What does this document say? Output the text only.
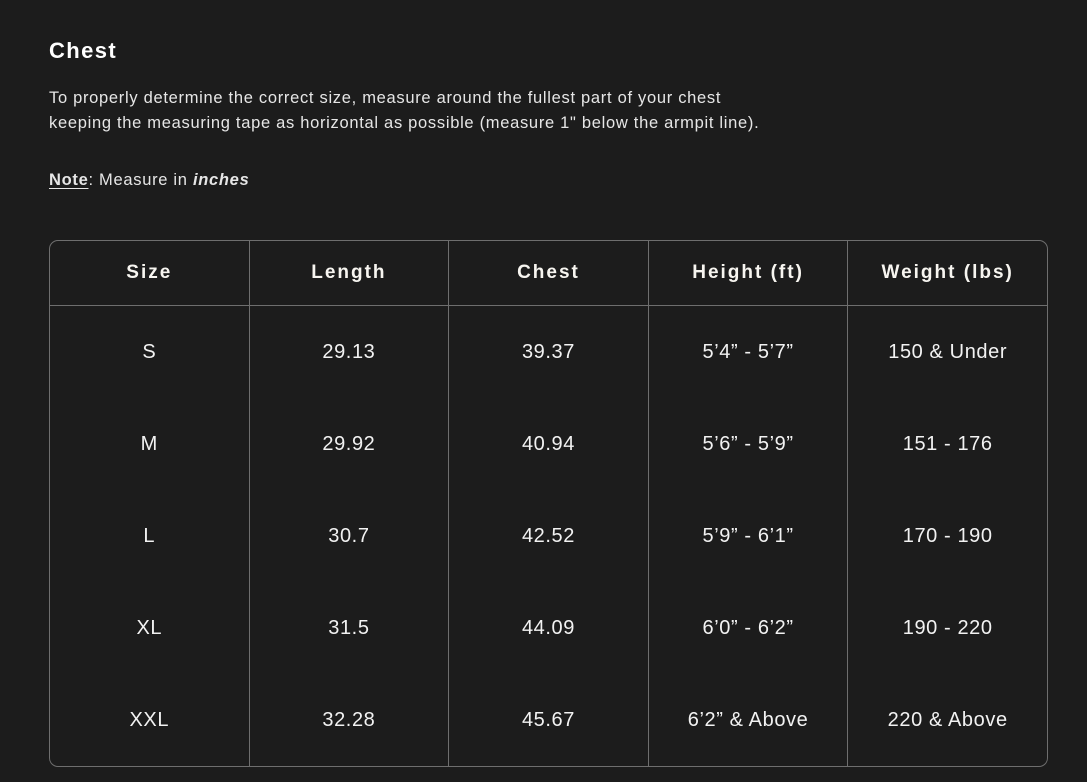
Chest

To properly determine the correct size, measure around the fullest part of your chest
keeping the measuring tape as horizontal as possible (measure 1" below the armpit line).

Note: Measure in inches

Size	Length	Chest	Height (ft)	Weight (lbs)
S	29.13	39.37	5’4” - 5’7”	150 & Under
M	29.92	40.94	5’6” - 5’9”	151 - 176
L	30.7	42.52	5’9” - 6’1”	170 - 190
XL	31.5	44.09	6’0” - 6’2”	190 - 220
XXL	32.28	45.67	6’2” & Above	220 & Above
